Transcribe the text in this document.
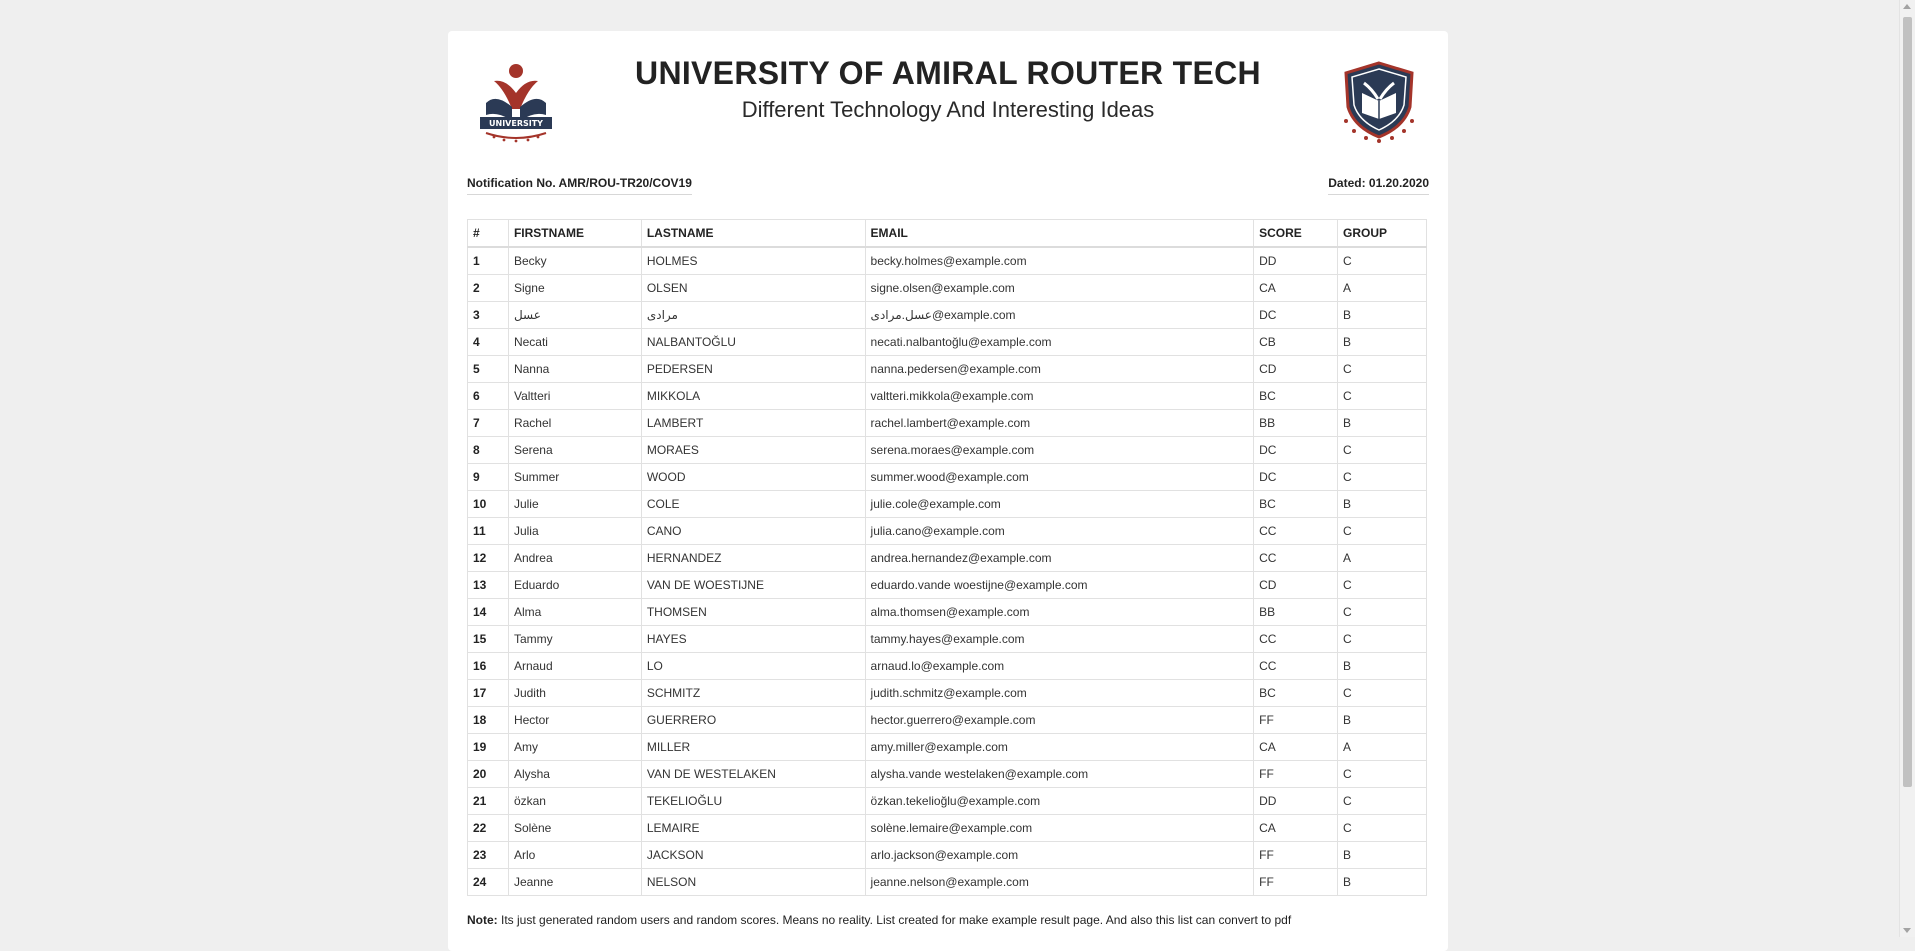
UNIVERSITY
UNIVERSITY OF AMIRAL ROUTER TECH
Different Technology And Interesting Ideas
Notification No. AMR/ROU-TR20/COV19	Dated: 01.20.2020
#	FIRSTNAME	LASTNAME	EMAIL	SCORE	GROUP
1	Becky	HOLMES	becky.holmes@example.com	DD	C
2	Signe	OLSEN	signe.olsen@example.com	CA	A
3	عسل	مرادی	عسل.مرادی@example.com	DC	B
4	Necati	NALBANTOĞLU	necati.nalbantoğlu@example.com	CB	B
5	Nanna	PEDERSEN	nanna.pedersen@example.com	CD	C
6	Valtteri	MIKKOLA	valtteri.mikkola@example.com	BC	C
7	Rachel	LAMBERT	rachel.lambert@example.com	BB	B
8	Serena	MORAES	serena.moraes@example.com	DC	C
9	Summer	WOOD	summer.wood@example.com	DC	C
10	Julie	COLE	julie.cole@example.com	BC	B
11	Julia	CANO	julia.cano@example.com	CC	C
12	Andrea	HERNANDEZ	andrea.hernandez@example.com	CC	A
13	Eduardo	VAN DE WOESTIJNE	eduardo.vande woestijne@example.com	CD	C
14	Alma	THOMSEN	alma.thomsen@example.com	BB	C
15	Tammy	HAYES	tammy.hayes@example.com	CC	C
16	Arnaud	LO	arnaud.lo@example.com	CC	B
17	Judith	SCHMITZ	judith.schmitz@example.com	BC	C
18	Hector	GUERRERO	hector.guerrero@example.com	FF	B
19	Amy	MILLER	amy.miller@example.com	CA	A
20	Alysha	VAN DE WESTELAKEN	alysha.vande westelaken@example.com	FF	C
21	özkan	TEKELIOĞLU	özkan.tekelioğlu@example.com	DD	C
22	Solène	LEMAIRE	solène.lemaire@example.com	CA	C
23	Arlo	JACKSON	arlo.jackson@example.com	FF	B
24	Jeanne	NELSON	jeanne.nelson@example.com	FF	B
Note: Its just generated random users and random scores. Means no reality. List created for make example result page. And also this list can convert to pdf
